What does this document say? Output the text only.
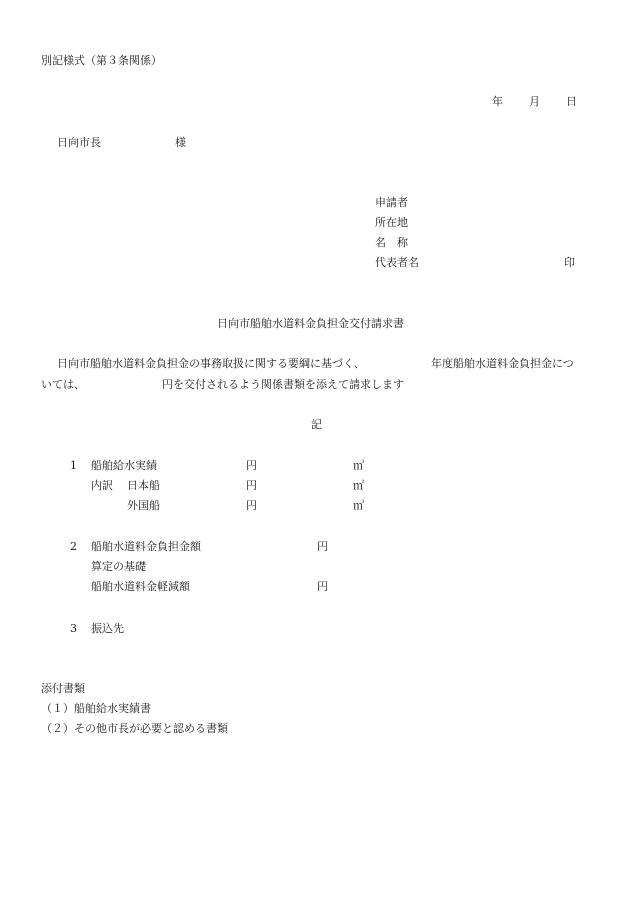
別記様式（第３条関係）
年 月 日
日向市長	様
申請者
所在地
名　称
代表者名	印
日向市船舶水道料金負担金交付請求書
日向市船舶水道料金負担金の事務取扱に関する要綱に基づく、	年度船舶水道料金負担金につ
いては、	円を交付されるよう関係書類を添えて請求します
記
1 船舶給水実績	円	㎥
内訳 日本船	円	㎥
外国船	円	㎥
2 船舶水道料金負担金額	円
算定の基礎
船舶水道料金軽減額	円
3 振込先
添付書類
（１）船舶給水実績書
（２）その他市長が必要と認める書類
